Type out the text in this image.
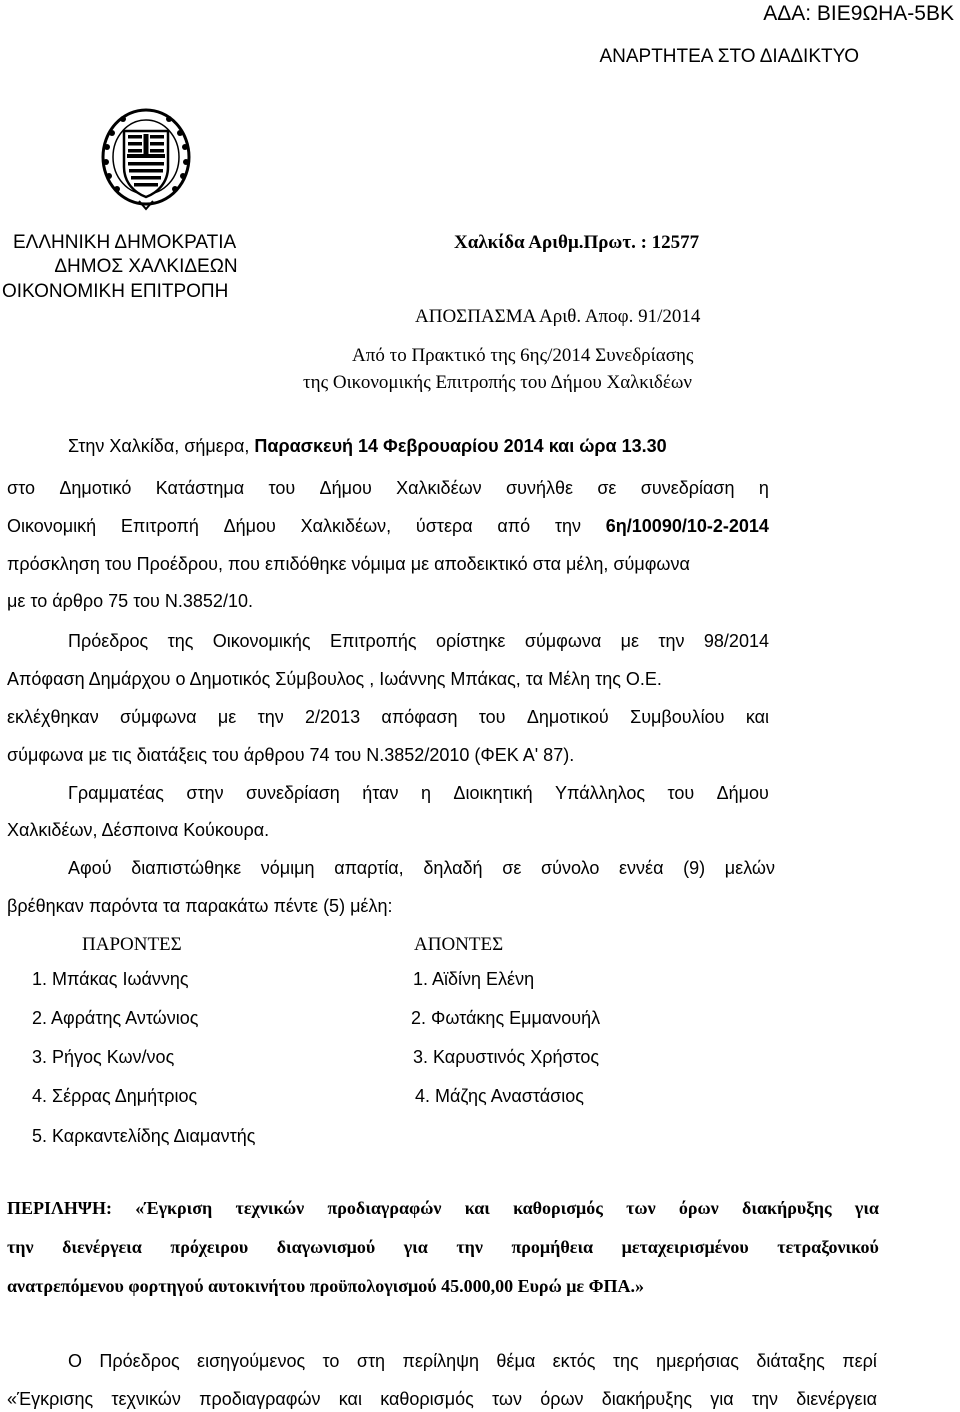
ΑΔΑ: ΒΙΕ9ΩΗΑ-5ΒΚ
ΑΝΑΡΤΗΤΕΑ ΣΤΟ ΔΙΑΔΙΚΤΥΟ
ΕΛΛΗΝΙΚΗ ΔΗΜΟΚΡΑΤΙΑ
ΔΗΜΟΣ ΧΑΛΚΙΔΕΩΝ
ΟΙΚΟΝΟΜΙΚΗ ΕΠΙΤΡΟΠΗ
Χαλκίδα Αριθμ.Πρωτ. : 12577
ΑΠΟΣΠΑΣΜΑ Αριθ. Αποφ. 91/2014
Από το Πρακτικό της 6ης/2014 Συνεδρίασης
της Οικονομικής Επιτροπής του Δήμου Χαλκιδέων
Στην Χαλκίδα, σήμερα, Παρασκευή 14 Φεβρουαρίου 2014 και ώρα 13.30
στο Δημοτικό Κατάστημα του Δήμου Χαλκιδέων συνήλθε σε συνεδρίαση η
Οικονομική Επιτροπή Δήμου Χαλκιδέων, ύστερα από την 6η/10090/10-2-2014
πρόσκληση του Προέδρου, που επιδόθηκε νόμιμα με αποδεικτικό στα μέλη, σύμφωνα
με το άρθρο 75 του Ν.3852/10.
Πρόεδρος της Οικονομικής Επιτροπής ορίστηκε σύμφωνα με την 98/2014
Απόφαση Δημάρχου ο Δημοτικός Σύμβουλος , Ιωάννης Μπάκας, τα Μέλη της Ο.Ε.
εκλέχθηκαν σύμφωνα με την 2/2013 απόφαση του Δημοτικού Συμβουλίου και
σύμφωνα με τις διατάξεις του άρθρου 74 του Ν.3852/2010 (ΦΕΚ Α' 87).
Γραμματέας στην συνεδρίαση ήταν η Διοικητική Υπάλληλος του Δήμου
Χαλκιδέων, Δέσποινα Κούκουρα.
Αφού διαπιστώθηκε νόμιμη απαρτία, δηλαδή σε σύνολο εννέα (9) μελών
βρέθηκαν παρόντα τα παρακάτω πέντε (5) μέλη:
ΠΑΡΟΝΤΕΣ	ΑΠΟΝΤΕΣ
1. Μπάκας Ιωάννης
2. Αφράτης Αντώνιος
3. Ρήγος Κων/νος
4. Σέρρας Δημήτριος
5. Καρκαντελίδης Διαμαντής
1. Αϊδίνη Ελένη
2. Φωτάκης Εμμανουήλ
3. Καρυστινός Χρήστος
4. Μάζης Αναστάσιος
ΠΕΡΙΛΗΨΗ: «Έγκριση τεχνικών προδιαγραφών και καθορισμός των όρων διακήρυξης για
την διενέργεια πρόχειρου διαγωνισμού για την προμήθεια μεταχειρισμένου τετραξονικού
ανατρεπόμενου φορτηγού αυτοκινήτου προϋπολογισμού 45.000,00 Ευρώ με ΦΠΑ.»
Ο Πρόεδρος εισηγούμενος το στη περίληψη θέμα εκτός της ημερήσιας διάταξης περί
«Έγκρισης τεχνικών προδιαγραφών και καθορισμός των όρων διακήρυξης για την διενέργεια
